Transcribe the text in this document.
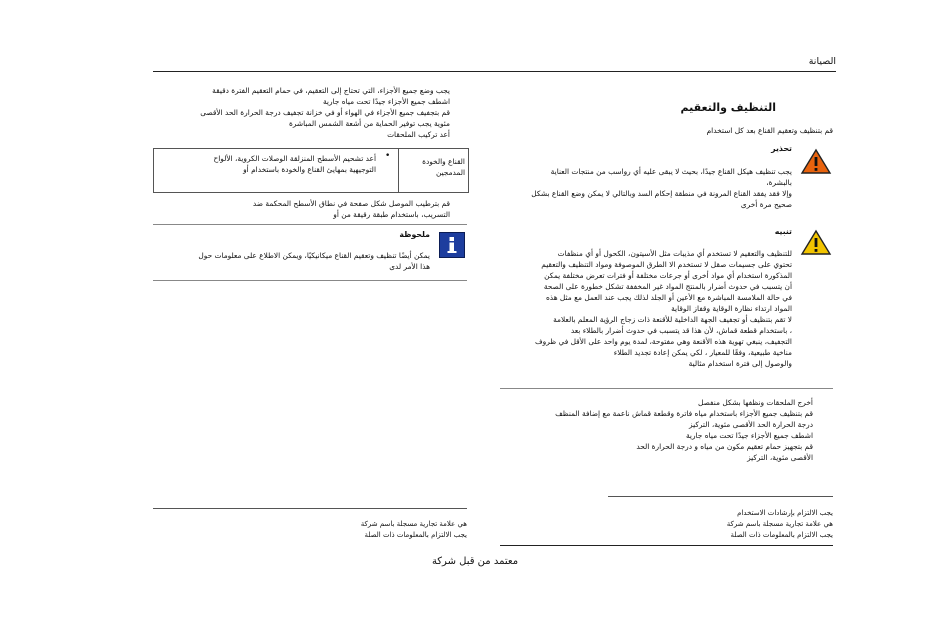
الصيانة
التنظيف والتعقيم
قم بتنظيف وتعقيم القناع بعد كل استخدام
تحذير
يجب تنظيف هيكل القناع جيدًا، بحيث لا يبقى عليه أي رواسب من منتجات العناية
بالبشرة،
وإلا فقد يفقد القناع المرونة في منطقة إحكام السد وبالتالي لا يمكن وضع القناع بشكل
صحيح مرة أخرى
تنبيه
للتنظيف والتعقيم لا تستخدم أي مذيبات مثل الأسيتون، الكحول أو أي منظفات
تحتوي على جسيمات صقل لا تستخدم الا الطرق الموصوفة ومواد التنظيف والتعقيم
المذكورة استخدام أي مواد أخرى أو جرعات مختلفة أو فترات تعرض مختلفة يمكن
أن يتسبب في حدوث أضرار بالمنتج المواد غير المخففة تشكل خطورة على الصحة
في حالة الملامسة المباشرة مع الأعين أو الجلد لذلك يجب عند العمل مع مثل هذه
المواد ارتداء نظارة الوقاية وقفاز الوقاية
لا تقم بتنظيف أو تجفيف الجهة الداخلية للأقنعة ذات زجاج الرؤية المعلم بالعلامة
، باستخدام قطعة قماش، لأن هذا قد يتسبب في حدوث أضرار بالطلاء بعد
التجفيف، ينبغي تهوية هذه الأقنعة وهي مفتوحة، لمدة يوم واحد على الأقل في ظروف
مناخية طبيعية، وفقًا للمعيار ، لكي يمكن إعادة تجديد الطلاء
والوصول إلى فترة استخدام مثالية
أخرج الملحقات ونظفها بشكل منفصل
قم بتنظيف جميع الأجزاء باستخدام مياه فاترة وقطعة قماش ناعمة مع إضافة المنظف
درجة الحرارة الحد الأقصى مئوية، التركيز
اشطف جميع الأجزاء جيدًا تحت مياه جارية
قم بتجهيز حمام تعقيم مكون من مياه و درجة الحرارة الحد
الأقصى مئوية، التركيز
يجب الالتزام بإرشادات الاستخدام
هي علامة تجارية مسجلة باسم شركة
يجب الالتزام بالمعلومات ذات الصلة
يجب وضع جميع الأجزاء، التي تحتاج إلى التعقيم، في حمام التعقيم الفترة دقيقة
اشطف جميع الأجزاء جيدًا تحت مياه جارية
قم بتجفيف جميع الأجزاء في الهواء أو في خزانة تجفيف درجة الحرارة الحد الأقصى
مئوية يجب توفير الحماية من أشعة الشمس المباشرة
أعد تركيب الملحقات
القناع والخودة
المدمجين
•
أعد تشحيم الأسطح المنزلقة الوصلات الكروية، الألواح
التوجيهية بمهايئ القناع والخودة باستخدام أو
قم بترطيب الموصل شكل صفحة في نطاق الأسطح المحكمة ضد
التسريب، باستخدام طبقة رقيقة من أو
ملحوظة
يمكن أيضًا تنظيف وتعقيم القناع ميكانيكيًا، ويمكن الاطلاع على معلومات حول
هذا الأمر لدى
هي علامة تجارية مسجلة باسم شركة
يجب الالتزام بالمعلومات ذات الصلة
معتمد من قبل شركة
